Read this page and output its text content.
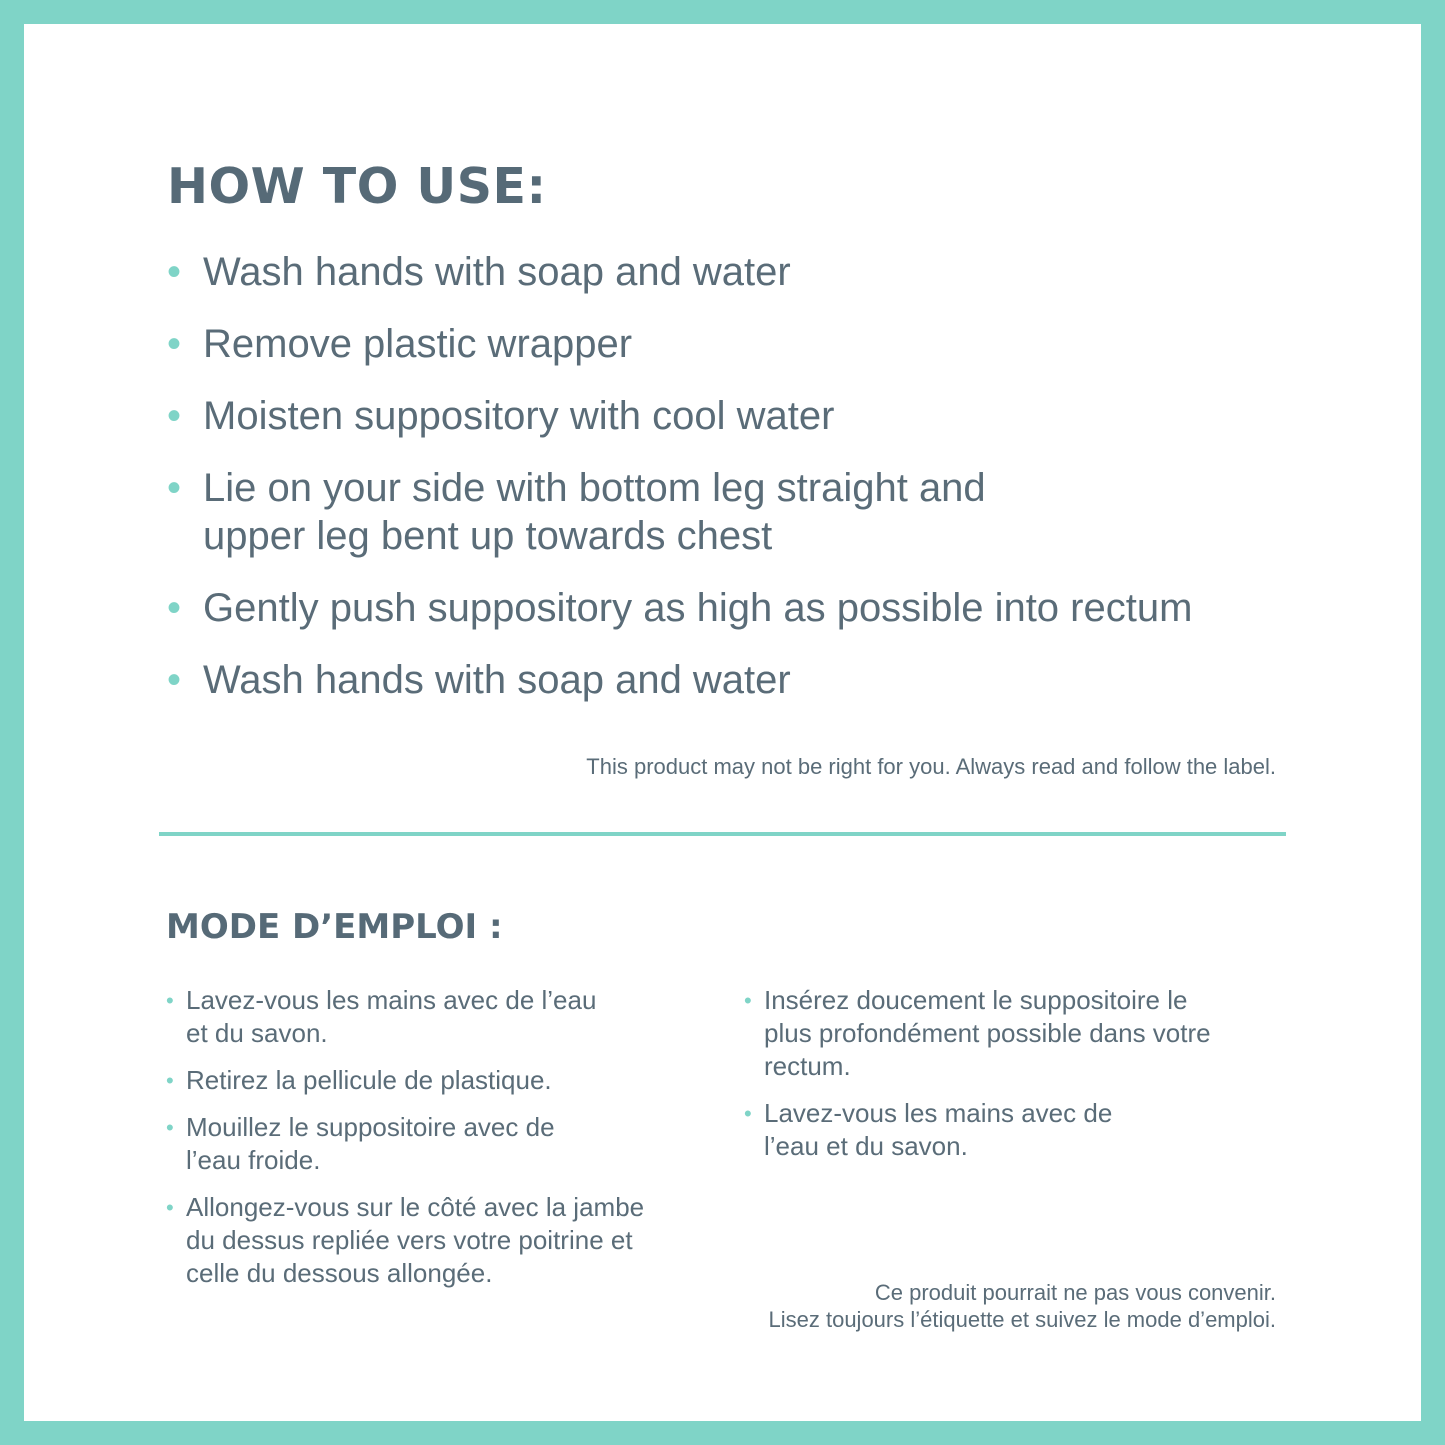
HOW TO USE:
• Wash hands with soap and water
• Remove plastic wrapper
• Moisten suppository with cool water
• Lie on your side with bottom leg straight and upper leg bent up towards chest
• Gently push suppository as high as possible into rectum
• Wash hands with soap and water

This product may not be right for you. Always read and follow the label.

MODE D’EMPLOI :
• Lavez-vous les mains avec de l’eau et du savon.
• Retirez la pellicule de plastique.
• Mouillez le suppositoire avec de l’eau froide.
• Allongez-vous sur le côté avec la jambe du dessus repliée vers votre poitrine et celle du dessous allongée.
• Insérez doucement le suppositoire le plus profondément possible dans votre rectum.
• Lavez-vous les mains avec de l’eau et du savon.

Ce produit pourrait ne pas vous convenir.
Lisez toujours l’étiquette et suivez le mode d’emploi.
